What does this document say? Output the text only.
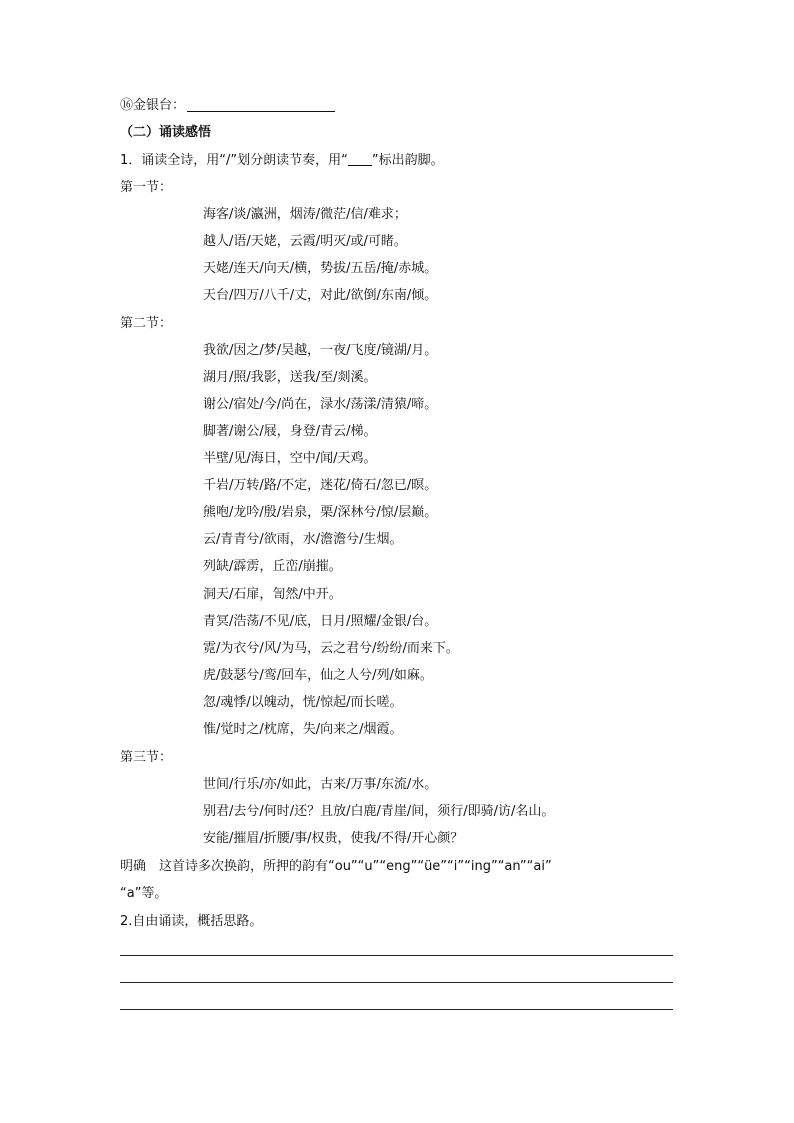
⑯金银台：
（二）诵读感悟
1．诵读全诗，用“/”划分朗读节奏，用“ ”标出韵脚。
第一节：
海客/谈/瀛洲，烟涛/微茫/信/难求；
越人/语/天姥，云霞/明灭/或/可睹。
天姥/连天/向天/横，势拔/五岳/掩/赤城。
天台/四万/八千/丈，对此/欲倒/东南/倾。
第二节：
我欲/因之/梦/吴越，一夜/飞度/镜湖/月。
湖月/照/我影，送我/至/剡溪。
谢公/宿处/今/尚在，渌水/荡漾/清猿/啼。
脚著/谢公/屐，身登/青云/梯。
半壁/见/海日，空中/闻/天鸡。
千岩/万转/路/不定，迷花/倚石/忽已/暝。
熊咆/龙吟/殷/岩泉，栗/深林兮/惊/层巅。
云/青青兮/欲雨，水/澹澹兮/生烟。
列缺/霹雳，丘峦/崩摧。
洞天/石扉，訇然/中开。
青冥/浩荡/不见/底，日月/照耀/金银/台。
霓/为衣兮/风/为马，云之君兮/纷纷/而来下。
虎/鼓瑟兮/鸾/回车，仙之人兮/列/如麻。
忽/魂悸/以魄动，恍/惊起/而长嗟。
惟/觉时之/枕席，失/向来之/烟霞。
第三节：
世间/行乐/亦/如此，古来/万事/东流/水。
别君/去兮/何时/还？且放/白鹿/青崖/间，须行/即骑/访/名山。
安能/摧眉/折腰/事/权贵，使我/不得/开心颜？
明确　这首诗多次换韵，所押的韵有“ou”“u”“eng”“üe”“i”“ing”“an”“ai”
“a”等。
2.自由诵读，概括思路。
